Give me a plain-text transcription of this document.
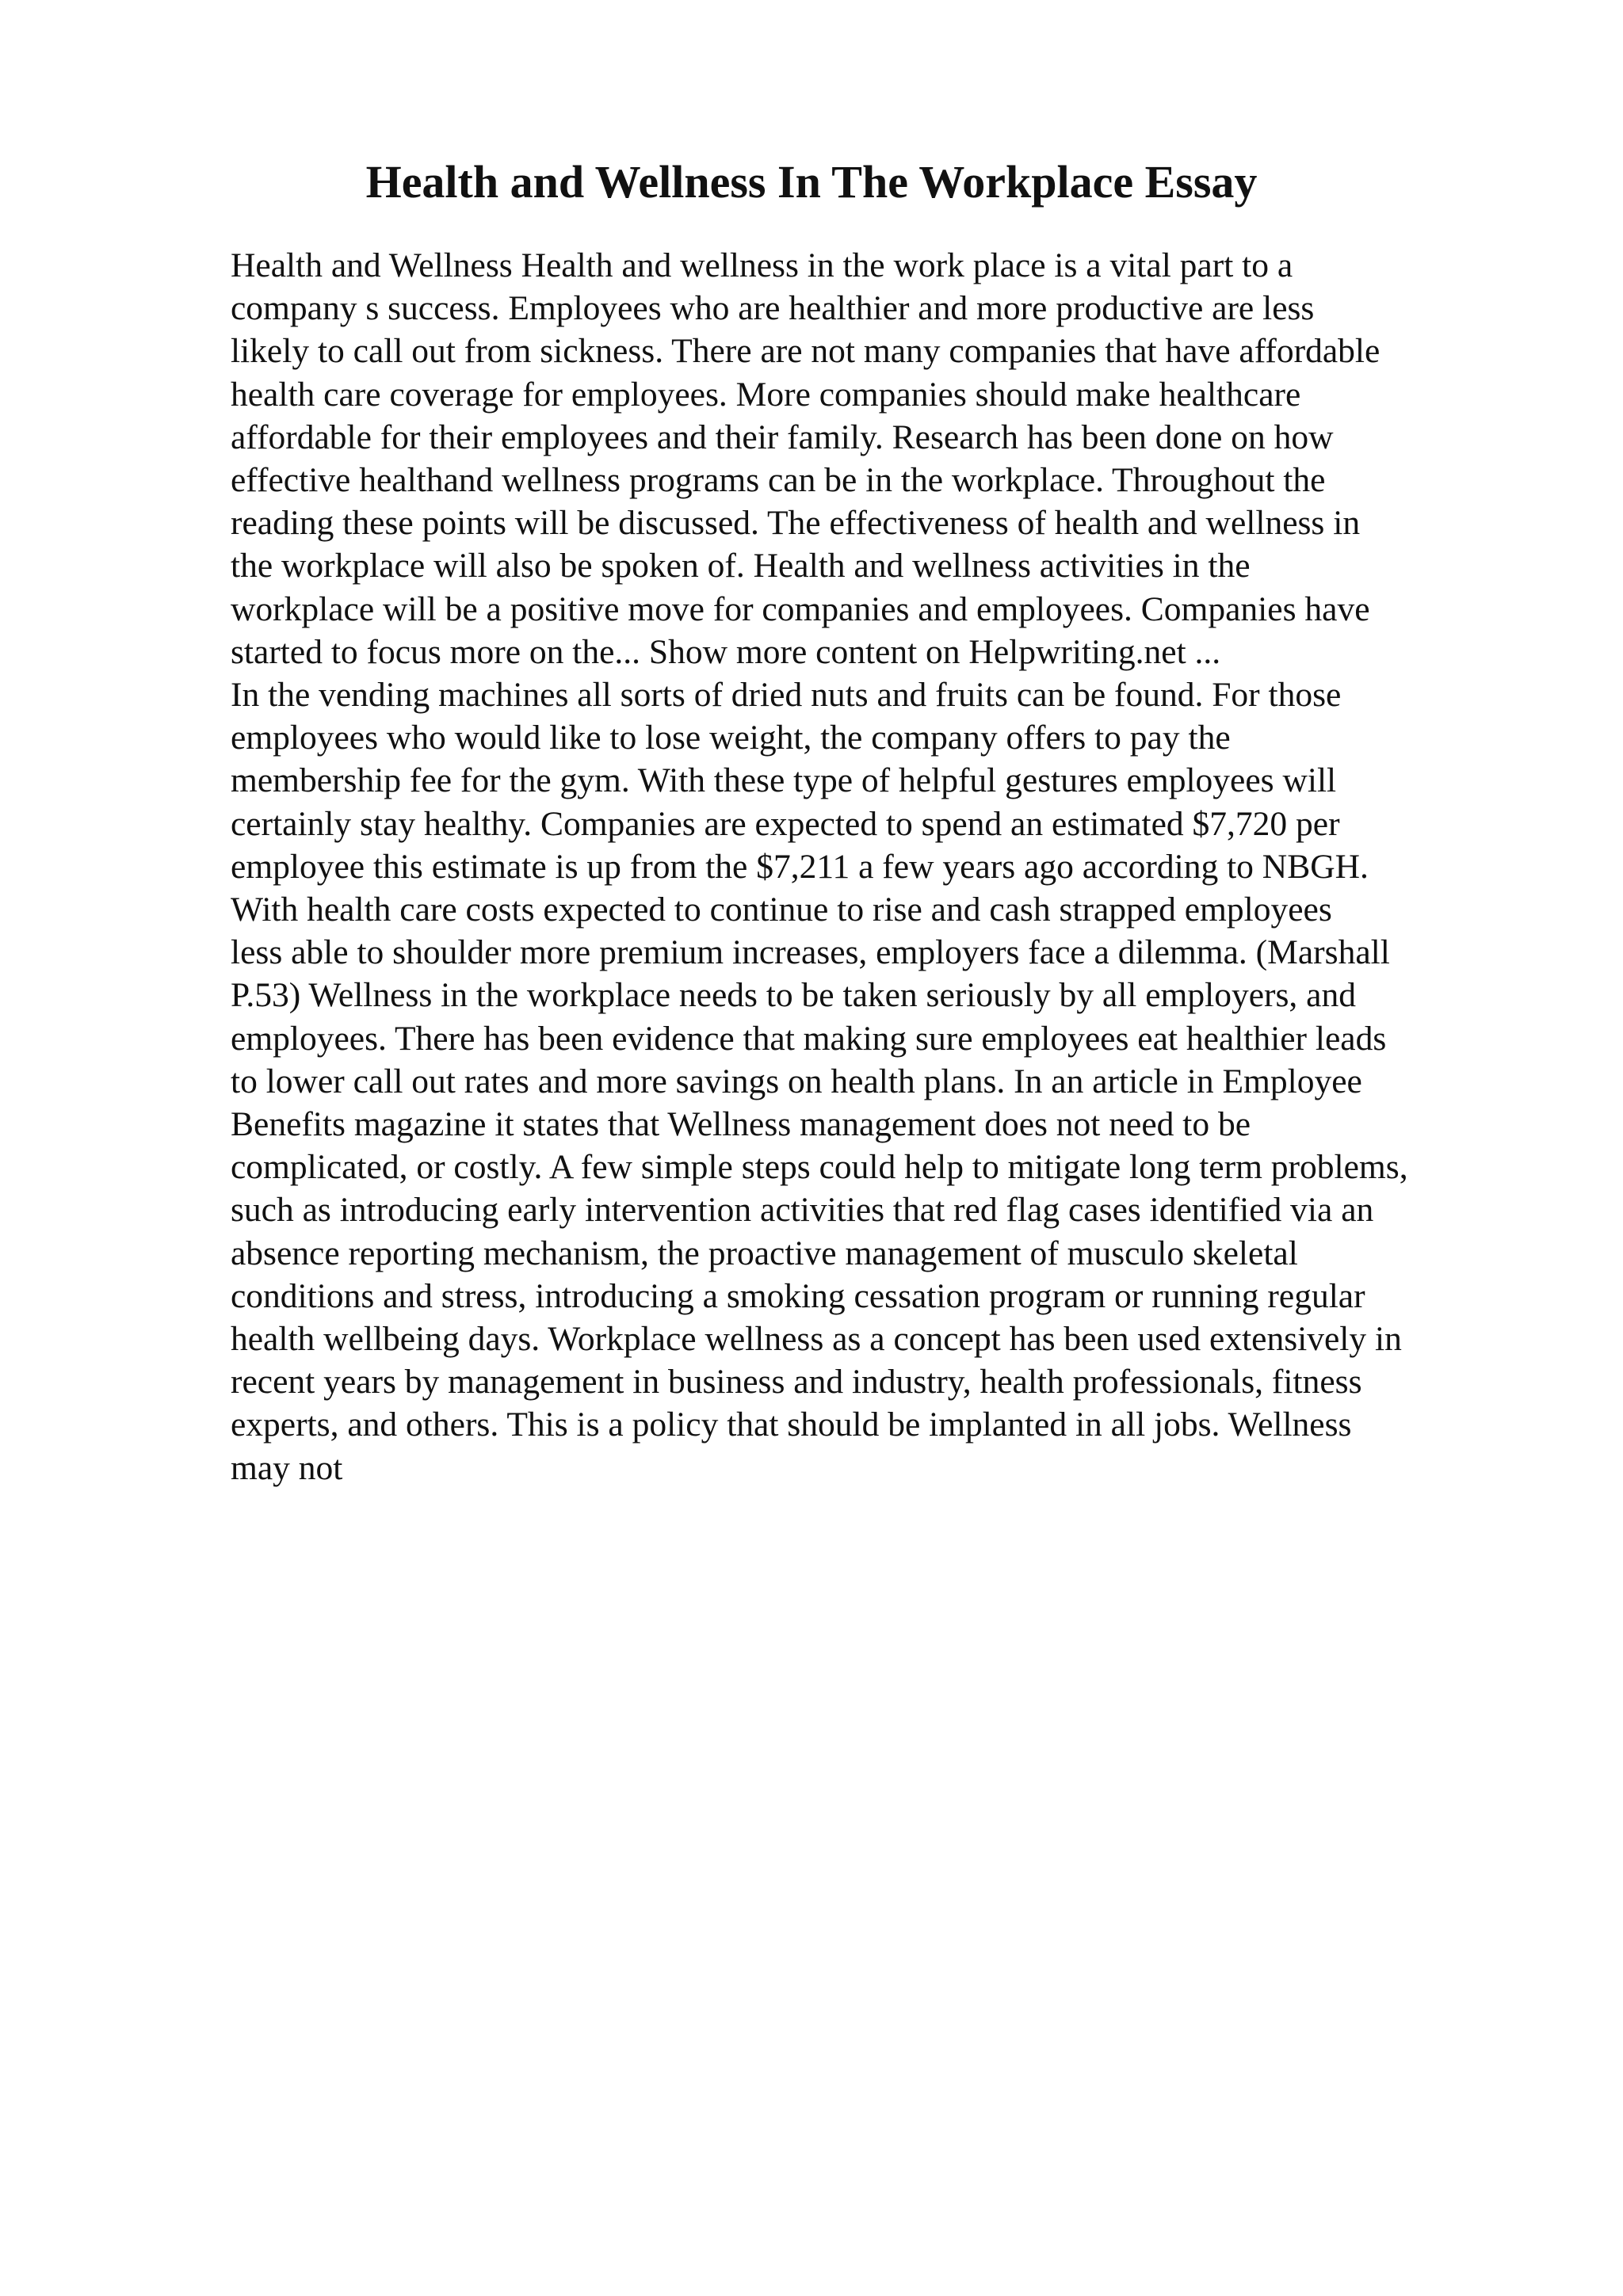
Health and Wellness In The Workplace Essay
Health and Wellness Health and wellness in the work place is a vital part to a
company s success. Employees who are healthier and more productive are less
likely to call out from sickness. There are not many companies that have affordable
health care coverage for employees. More companies should make healthcare
affordable for their employees and their family. Research has been done on how
effective healthand wellness programs can be in the workplace. Throughout the
reading these points will be discussed. The effectiveness of health and wellness in
the workplace will also be spoken of. Health and wellness activities in the
workplace will be a positive move for companies and employees. Companies have
started to focus more on the... Show more content on Helpwriting.net ...
In the vending machines all sorts of dried nuts and fruits can be found. For those
employees who would like to lose weight, the company offers to pay the
membership fee for the gym. With these type of helpful gestures employees will
certainly stay healthy. Companies are expected to spend an estimated $7,720 per
employee this estimate is up from the $7,211 a few years ago according to NBGH.
With health care costs expected to continue to rise and cash strapped employees
less able to shoulder more premium increases, employers face a dilemma. (Marshall
P.53) Wellness in the workplace needs to be taken seriously by all employers, and
employees. There has been evidence that making sure employees eat healthier leads
to lower call out rates and more savings on health plans. In an article in Employee
Benefits magazine it states that Wellness management does not need to be
complicated, or costly. A few simple steps could help to mitigate long term problems,
such as introducing early intervention activities that red flag cases identified via an
absence reporting mechanism, the proactive management of musculo skeletal
conditions and stress, introducing a smoking cessation program or running regular
health wellbeing days. Workplace wellness as a concept has been used extensively in
recent years by management in business and industry, health professionals, fitness
experts, and others. This is a policy that should be implanted in all jobs. Wellness
may not
